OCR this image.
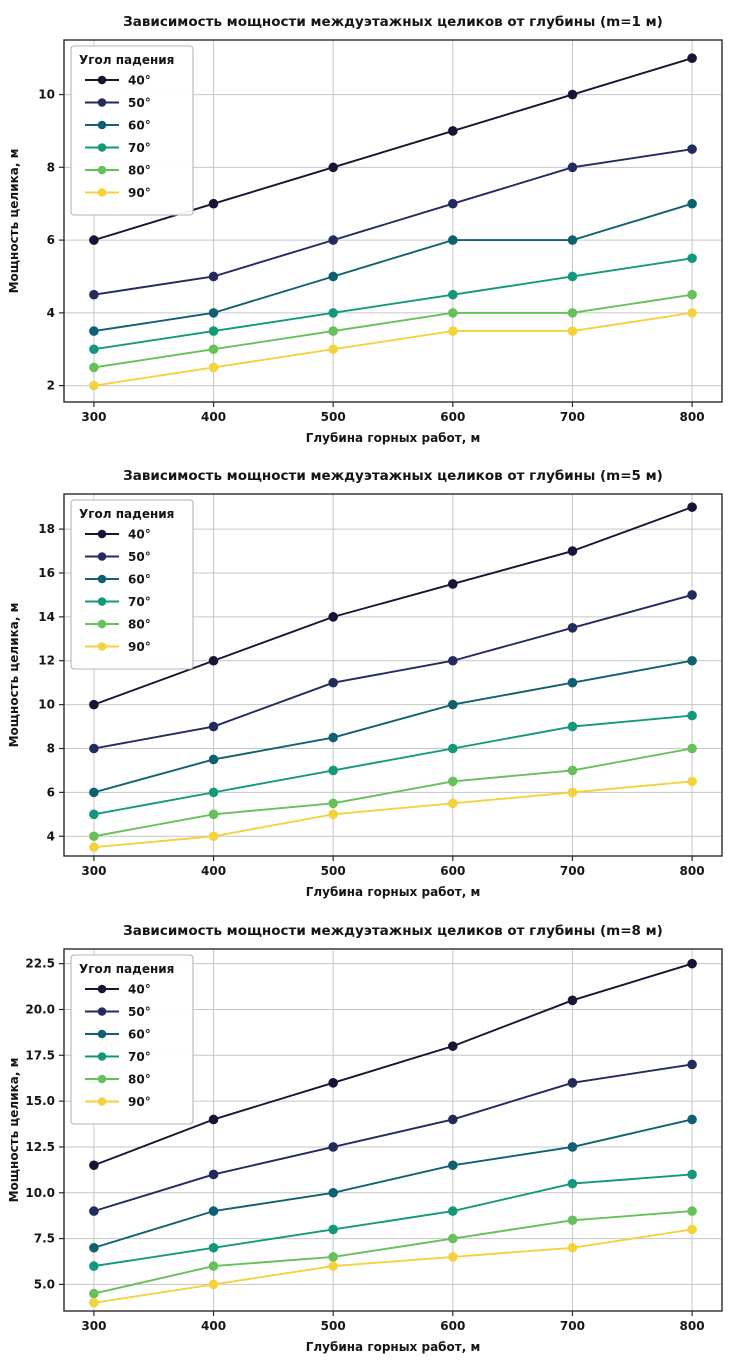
Зависимость мощности междуэтажных целиков от глубины (m=1 м)
300	400	500	600	700	800
2
4
6
8
10
Глубина горных работ, м
Мощность целика, м
Угол падения
40°
50°
60°
70°
80°
90°
Зависимость мощности междуэтажных целиков от глубины (m=5 м)
300	400	500	600	700	800
4
6
8
10
12
14
16
18
Глубина горных работ, м
Мощность целика, м
Угол падения
40°
50°
60°
70°
80°
90°
Зависимость мощности междуэтажных целиков от глубины (m=8 м)
300	400	500	600	700	800
5.0
7.5
10.0
12.5
15.0
17.5
20.0
22.5
Глубина горных работ, м
Мощность целика, м
Угол падения
40°
50°
60°
70°
80°
90°
